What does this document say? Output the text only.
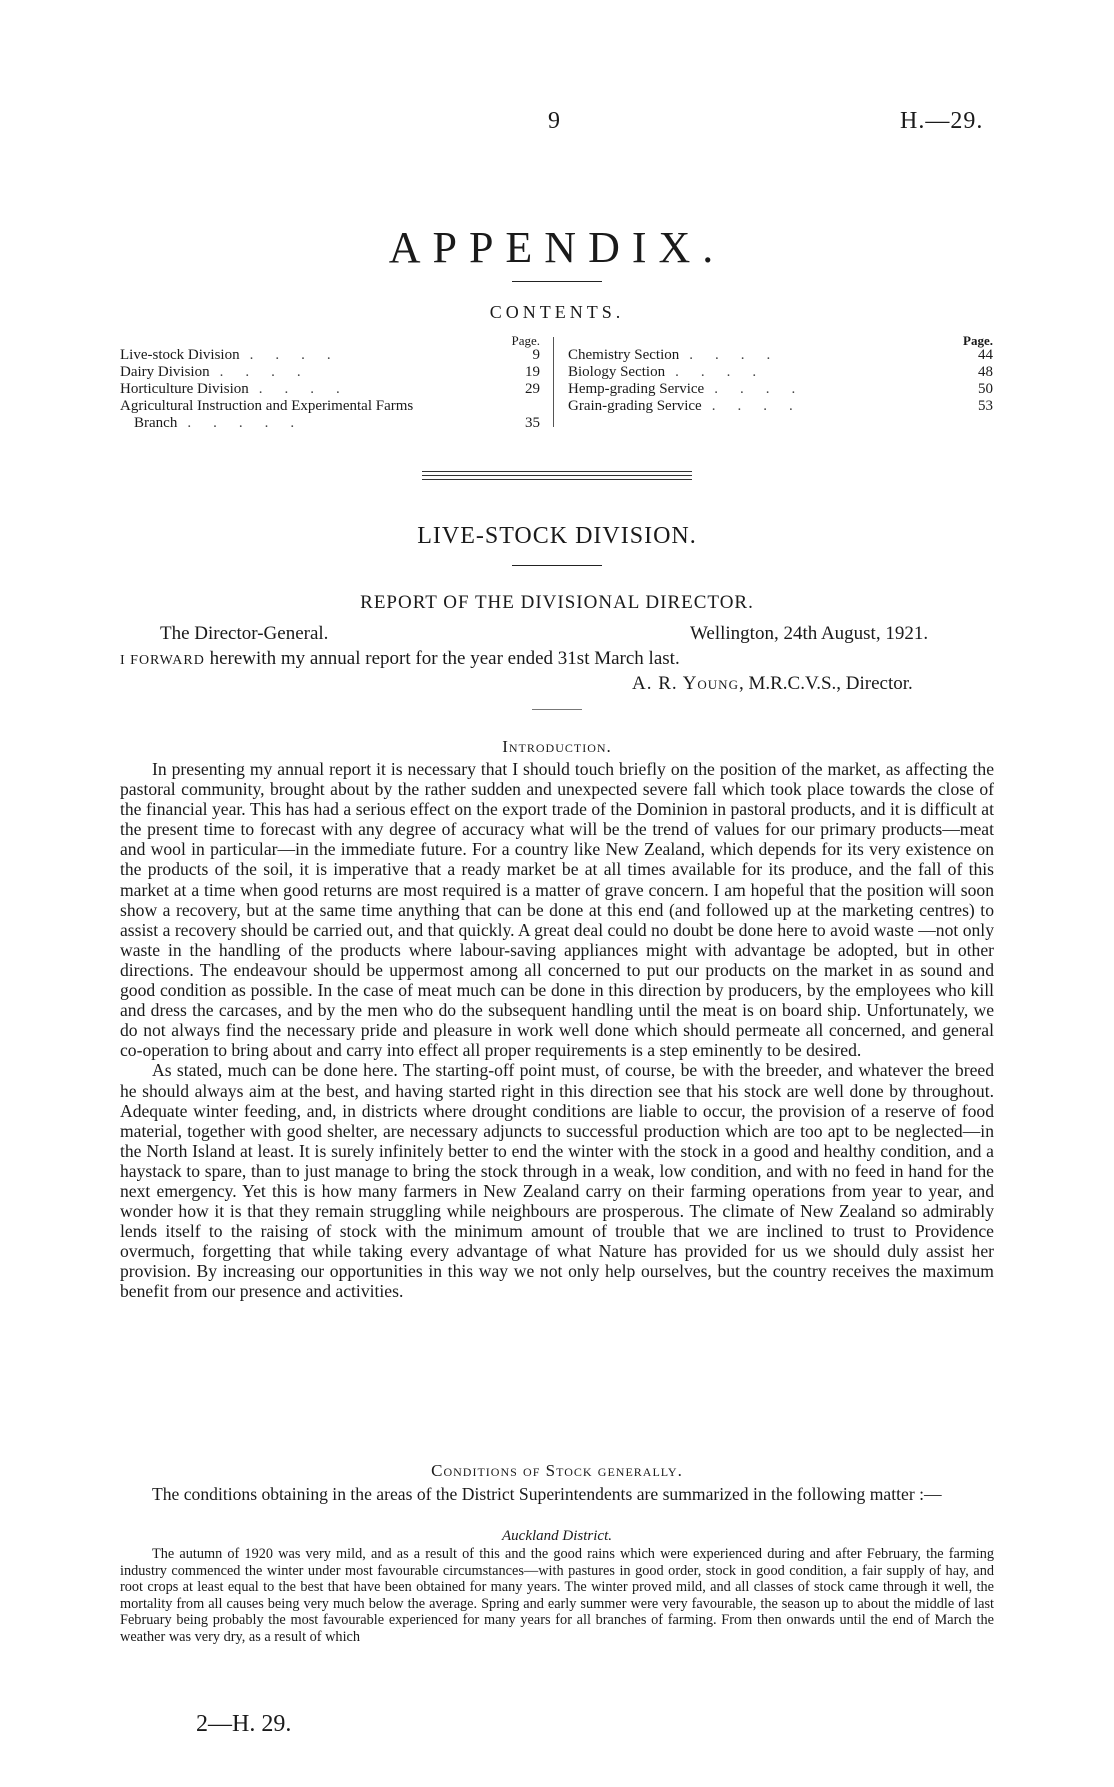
9	H.—29.
APPENDIX.
CONTENTS.
Page.
Live-stock Division ....	9
Dairy Division ....	19
Horticulture Division ....	29
Agricultural Instruction and Experimental Farms
Branch .....	35
Page.
Chemistry Section ....	44
Biology Section ....	48
Hemp-grading Service ....	50
Grain-grading Service ....	53
LIVE-STOCK DIVISION.
REPORT OF THE DIVISIONAL DIRECTOR.
The Director-General.	Wellington, 24th August, 1921.
I FORWARD herewith my annual report for the year ended 31st March last.
A. R. Young, M.R.C.V.S., Director.
Introduction.

In presenting my annual report it is necessary that I should touch briefly on the position of the market, as affecting the pastoral community, brought about by the rather sudden and unexpected severe fall which took place towards the close of the financial year. This has had a serious effect on the export trade of the Dominion in pastoral products, and it is difficult at the present time to forecast with any degree of accuracy what will be the trend of values for our primary products—meat and wool in particular—in the immediate future. For a country like New Zealand, which depends for its very existence on the products of the soil, it is imperative that a ready market be at all times available for its produce, and the fall of this market at a time when good returns are most required is a matter of grave concern. I am hopeful that the position will soon show a recovery, but at the same time anything that can be done at this end (and followed up at the marketing centres) to assist a recovery should be carried out, and that quickly. A great deal could no doubt be done here to avoid waste —not only waste in the handling of the products where labour-saving appliances might with advantage be adopted, but in other directions. The endeavour should be uppermost among all concerned to put our products on the market in as sound and good condition as possible. In the case of meat much can be done in this direction by producers, by the employees who kill and dress the carcases, and by the men who do the subsequent handling until the meat is on board ship. Unfortunately, we do not always find the necessary pride and pleasure in work well done which should permeate all concerned, and general co-operation to bring about and carry into effect all proper requirements is a step eminently to be desired.

As stated, much can be done here. The starting-off point must, of course, be with the breeder, and whatever the breed he should always aim at the best, and having started right in this direction see that his stock are well done by throughout. Adequate winter feeding, and, in districts where drought conditions are liable to occur, the provision of a reserve of food material, together with good shelter, are necessary adjuncts to successful production which are too apt to be neglected—in the North Island at least. It is surely infinitely better to end the winter with the stock in a good and healthy condition, and a haystack to spare, than to just manage to bring the stock through in a weak, low condition, and with no feed in hand for the next emergency. Yet this is how many farmers in New Zealand carry on their farming operations from year to year, and wonder how it is that they remain struggling while neighbours are prosperous. The climate of New Zealand so admirably lends itself to the raising of stock with the minimum amount of trouble that we are inclined to trust to Providence overmuch, forgetting that while taking every advantage of what Nature has provided for us we should duly assist her provision. By increasing our opportunities in this way we not only help ourselves, but the country receives the maximum benefit from our presence and activities.

Conditions of Stock generally.

The conditions obtaining in the areas of the District Superintendents are summarized in the following matter :—

Auckland District.

The autumn of 1920 was very mild, and as a result of this and the good rains which were experienced during and after February, the farming industry commenced the winter under most favourable circumstances—with pastures in good order, stock in good condition, a fair supply of hay, and root crops at least equal to the best that have been obtained for many years. The winter proved mild, and all classes of stock came through it well, the mortality from all causes being very much below the average. Spring and early summer were very favourable, the season up to about the middle of last February being probably the most favourable experienced for many years for all branches of farming. From then onwards until the end of March the weather was very dry, as a result of which

2—H. 29.
